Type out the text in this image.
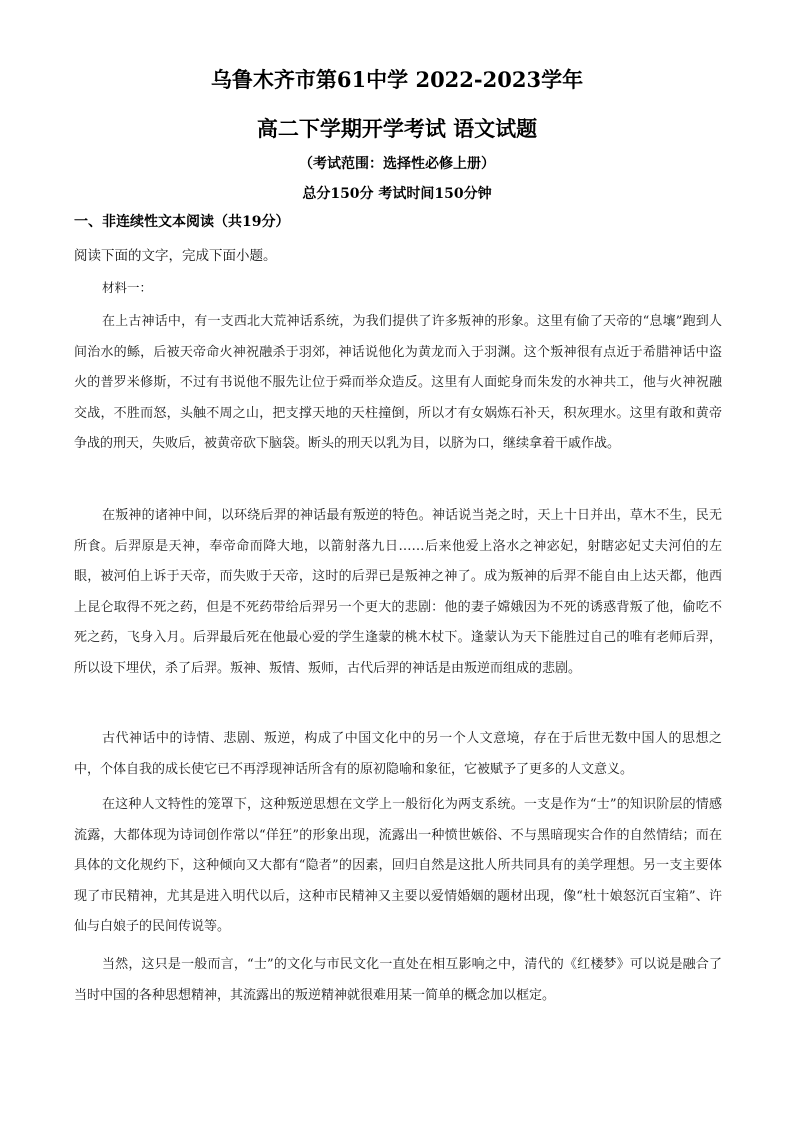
乌鲁木齐市第61中学 2022-2023学年
高二下学期开学考试 语文试题
（考试范围：选择性必修上册）
总分150分 考试时间150分钟
一、非连续性文本阅读（共19分）
阅读下面的文字，完成下面小题。
材料一：

在上古神话中，有一支西北大荒神话系统，为我们提供了许多叛神的形象。这里有偷了天帝的“息壤”跑到人间治水的鲧，后被天帝命火神祝融杀于羽郊，神话说他化为黄龙而入于羽渊。这个叛神很有点近于希腊神话中盗火的普罗米修斯，不过有书说他不服先让位于舜而举众造反。这里有人面蛇身而朱发的水神共工，他与火神祝融交战，不胜而怒，头触不周之山，把支撑天地的天柱撞倒，所以才有女娲炼石补天，积灰理水。这里有敢和黄帝争战的刑天，失败后，被黄帝砍下脑袋。断头的刑天以乳为目，以脐为口，继续拿着干戚作战。

在叛神的诸神中间，以环绕后羿的神话最有叛逆的特色。神话说当尧之时，天上十日并出，草木不生，民无所食。后羿原是天神，奉帝命而降大地，以箭射落九日……后来他爱上洛水之神宓妃，射瞎宓妃丈夫河伯的左眼，被河伯上诉于天帝，而失败于天帝，这时的后羿已是叛神之神了。成为叛神的后羿不能自由上达天都，他西上昆仑取得不死之药，但是不死药带给后羿另一个更大的悲剧：他的妻子嫦娥因为不死的诱惑背叛了他，偷吃不死之药，飞身入月。后羿最后死在他最心爱的学生逢蒙的桃木杖下。逢蒙认为天下能胜过自己的唯有老师后羿，所以设下埋伏，杀了后羿。叛神、叛情、叛师，古代后羿的神话是由叛逆而组成的悲剧。

古代神话中的诗情、悲剧、叛逆，构成了中国文化中的另一个人文意境，存在于后世无数中国人的思想之中，个体自我的成长使它已不再浮现神话所含有的原初隐喻和象征，它被赋予了更多的人文意义。

在这种人文特性的笼罩下，这种叛逆思想在文学上一般衍化为两支系统。一支是作为“士”的知识阶层的情感流露，大都体现为诗词创作常以“佯狂”的形象出现，流露出一种愤世嫉俗、不与黑暗现实合作的自然情结；而在具体的文化规约下，这种倾向又大都有“隐者”的因素，回归自然是这批人所共同具有的美学理想。另一支主要体现了市民精神，尤其是进入明代以后，这种市民精神又主要以爱情婚姻的题材出现，像“杜十娘怒沉百宝箱”、许仙与白娘子的民间传说等。

当然，这只是一般而言，“士”的文化与市民文化一直处在相互影响之中，清代的《红楼梦》可以说是融合了当时中国的各种思想精神，其流露出的叛逆精神就很难用某一简单的概念加以框定。
